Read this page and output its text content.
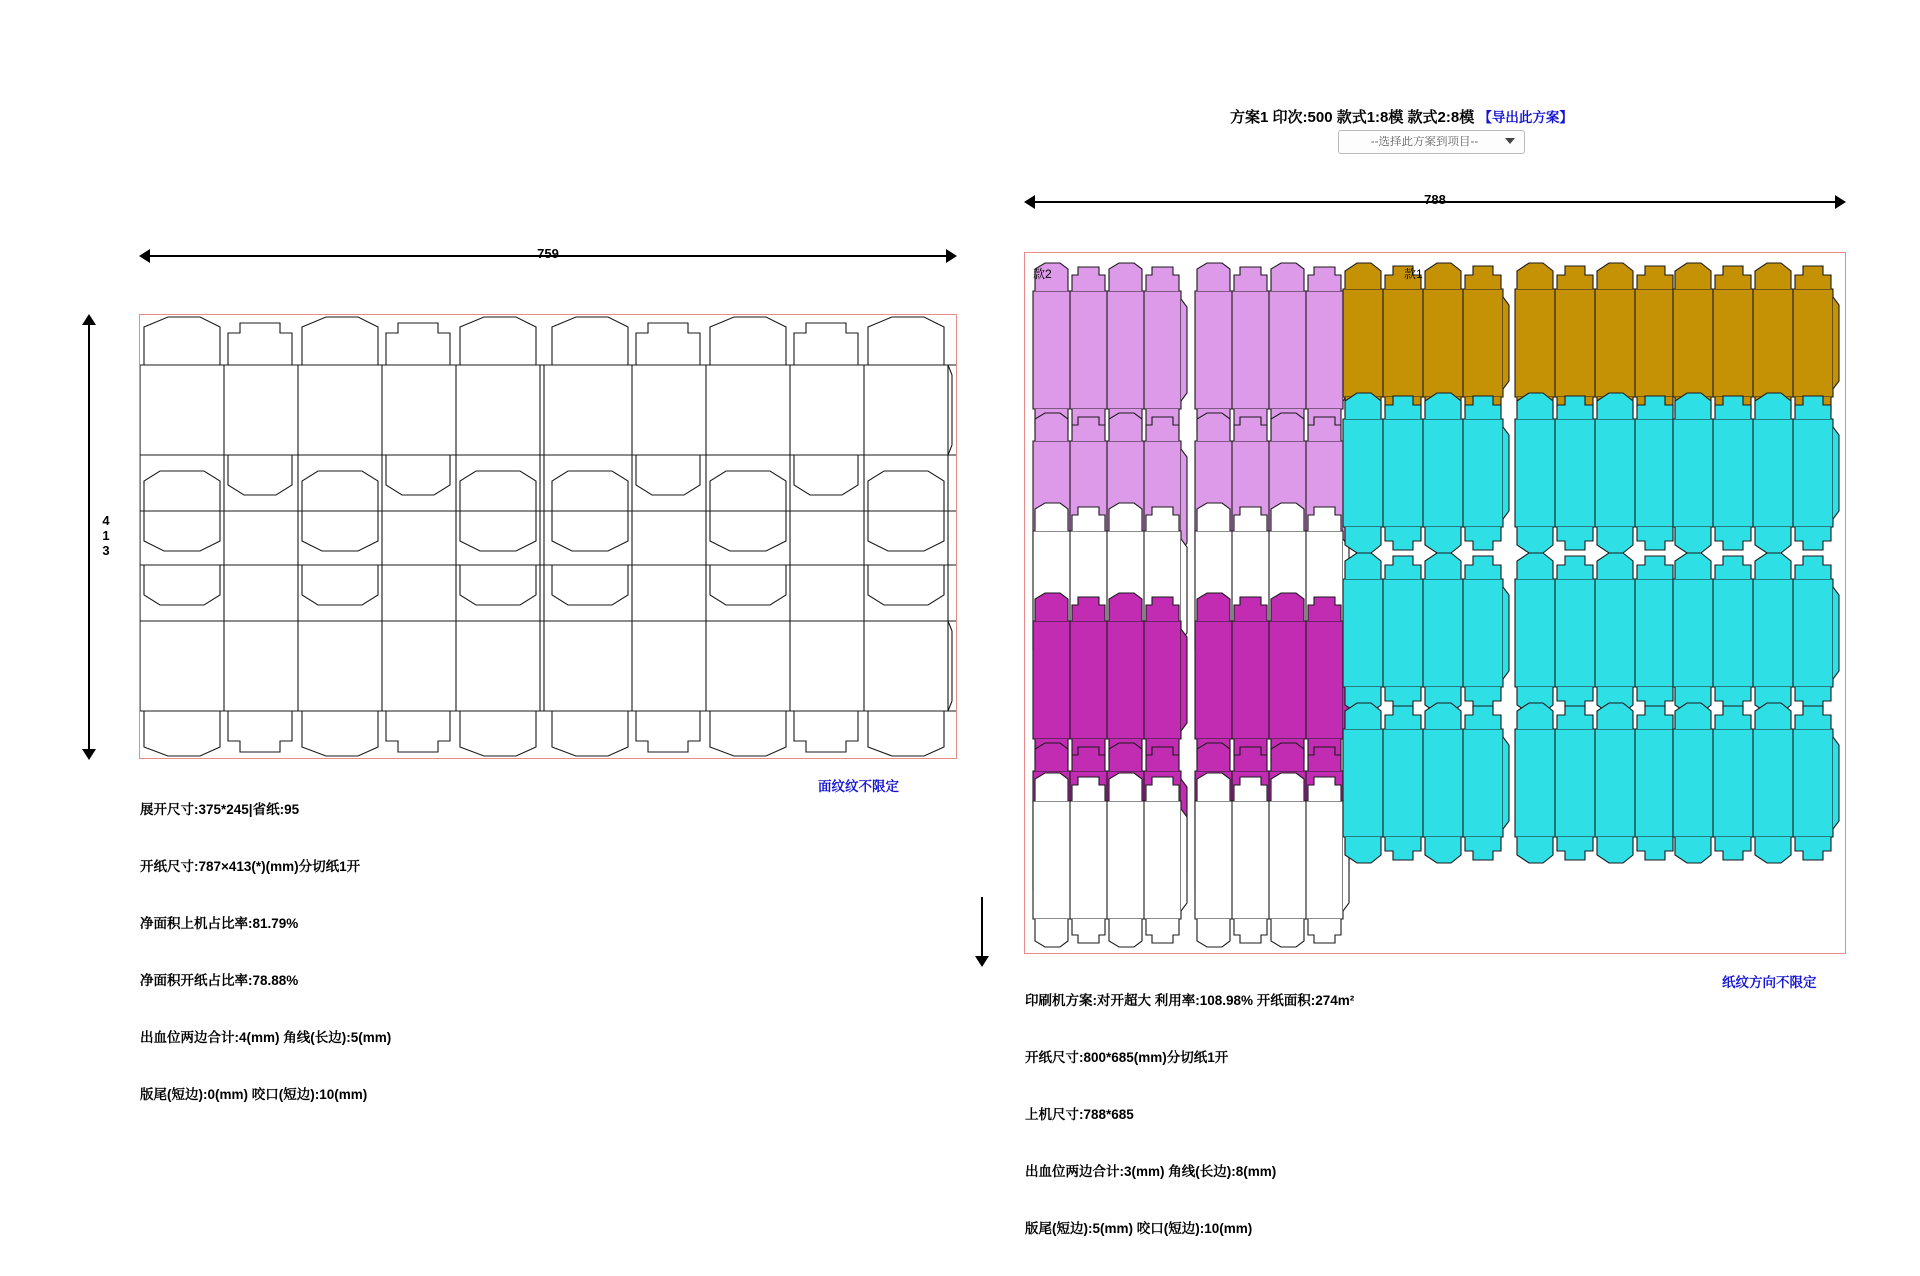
759
4
1
3

展开尺寸:375*245|省纸:95

开纸尺寸:787×413(*)(mm)分切纸1开

净面积上机占比率:81.79%

净面积开纸占比率:78.88%

出血位两边合计:4(mm) 角线(长边):5(mm)

版尾(短边):0(mm) 咬口(短边):10(mm)

面纹纹不限定
方案1 印次:500 款式1:8模 款式2:8模 【导出此方案】
--选择此方案到项目--
788
款2	款1

印刷机方案:对开超大 利用率:108.98% 开纸面积:274m²

开纸尺寸:800*685(mm)分切纸1开

上机尺寸:788*685

出血位两边合计:3(mm) 角线(长边):8(mm)

版尾(短边):5(mm) 咬口(短边):10(mm)

纸纹方向不限定
